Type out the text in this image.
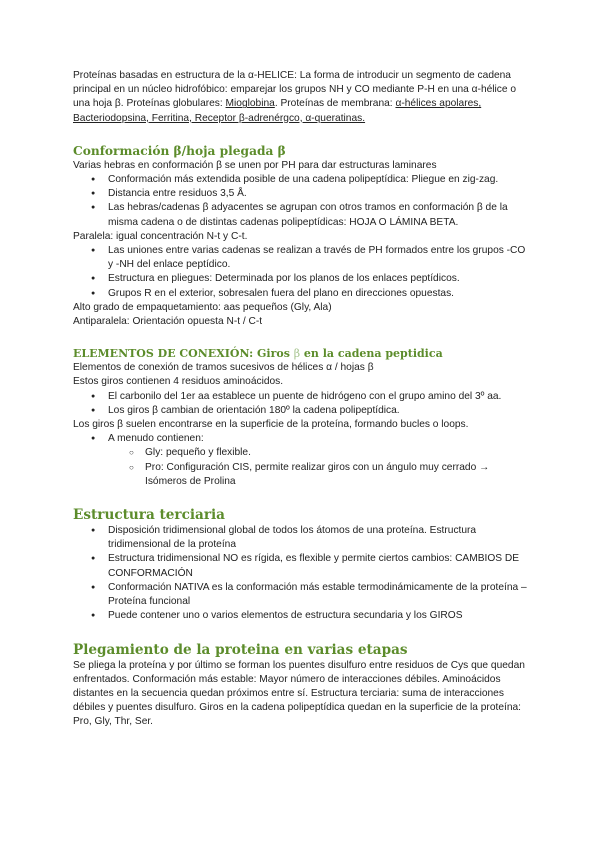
Proteínas basadas en estructura de la α-HELICE: La forma de introducir un segmento de cadena principal en un núcleo hidrofóbico: emparejar los grupos NH y CO mediante P-H en una α-hélice o una hoja β. Proteínas globulares: Mioglobina. Proteínas de membrana: α-hélices apolares, Bacteriodopsina, Ferritina, Receptor β-adrenérgco, α-queratinas.

Conformación β/hoja plegada β

Varias hebras en conformación β se unen por PH para dar estructuras laminares

● Conformación más extendida posible de una cadena polipeptídica: Pliegue en zig-zag.
● Distancia entre residuos 3,5 Å.
● Las hebras/cadenas β adyacentes se agrupan con otros tramos en conformación β de la misma cadena o de distintas cadenas polipeptídicas: HOJA O LÁMINA BETA.

Paralela: igual concentración N-t y C-t.

● Las uniones entre varias cadenas se realizan a través de PH formados entre los grupos -CO y -NH del enlace peptídico.
● Estructura en pliegues: Determinada por los planos de los enlaces peptídicos.
● Grupos R en el exterior, sobresalen fuera del plano en direcciones opuestas.

Alto grado de empaquetamiento: aas pequeños (Gly, Ala)

Antiparalela: Orientación opuesta N-t / C-t

ELEMENTOS DE CONEXIÓN: Giros β en la cadena peptidica

Elementos de conexión de tramos sucesivos de hélices α / hojas β

Estos giros contienen 4 residuos aminoácidos.

● El carbonilo del 1er aa establece un puente de hidrógeno con el grupo amino del 3º aa.
● Los giros β cambian de orientación 180º la cadena polipeptídica.

Los giros β suelen encontrarse en la superficie de la proteína, formando bucles o loops.

● A menudo contienen:
○ Gly: pequeño y flexible.
○ Pro: Configuración CIS, permite realizar giros con un ángulo muy cerrado → Isómeros de Prolina
Estructura terciaria
● Disposición tridimensional global de todos los átomos de una proteína. Estructura tridimensional de la proteína
● Estructura tridimensional NO es rígida, es flexible y permite ciertos cambios: CAMBIOS DE CONFORMACIÓN
● Conformación NATIVA es la conformación más estable termodinámicamente de la proteína – Proteína funcional
● Puede contener uno o varios elementos de estructura secundaria y los GIROS
Plegamiento de la proteina en varias etapas

Se pliega la proteína y por último se forman los puentes disulfuro entre residuos de Cys que quedan enfrentados. Conformación más estable: Mayor número de interacciones débiles. Aminoácidos distantes en la secuencia quedan próximos entre sí. Estructura terciaria: suma de interacciones débiles y puentes disulfuro. Giros en la cadena polipeptídica quedan en la superficie de la proteína: Pro, Gly, Thr, Ser.
